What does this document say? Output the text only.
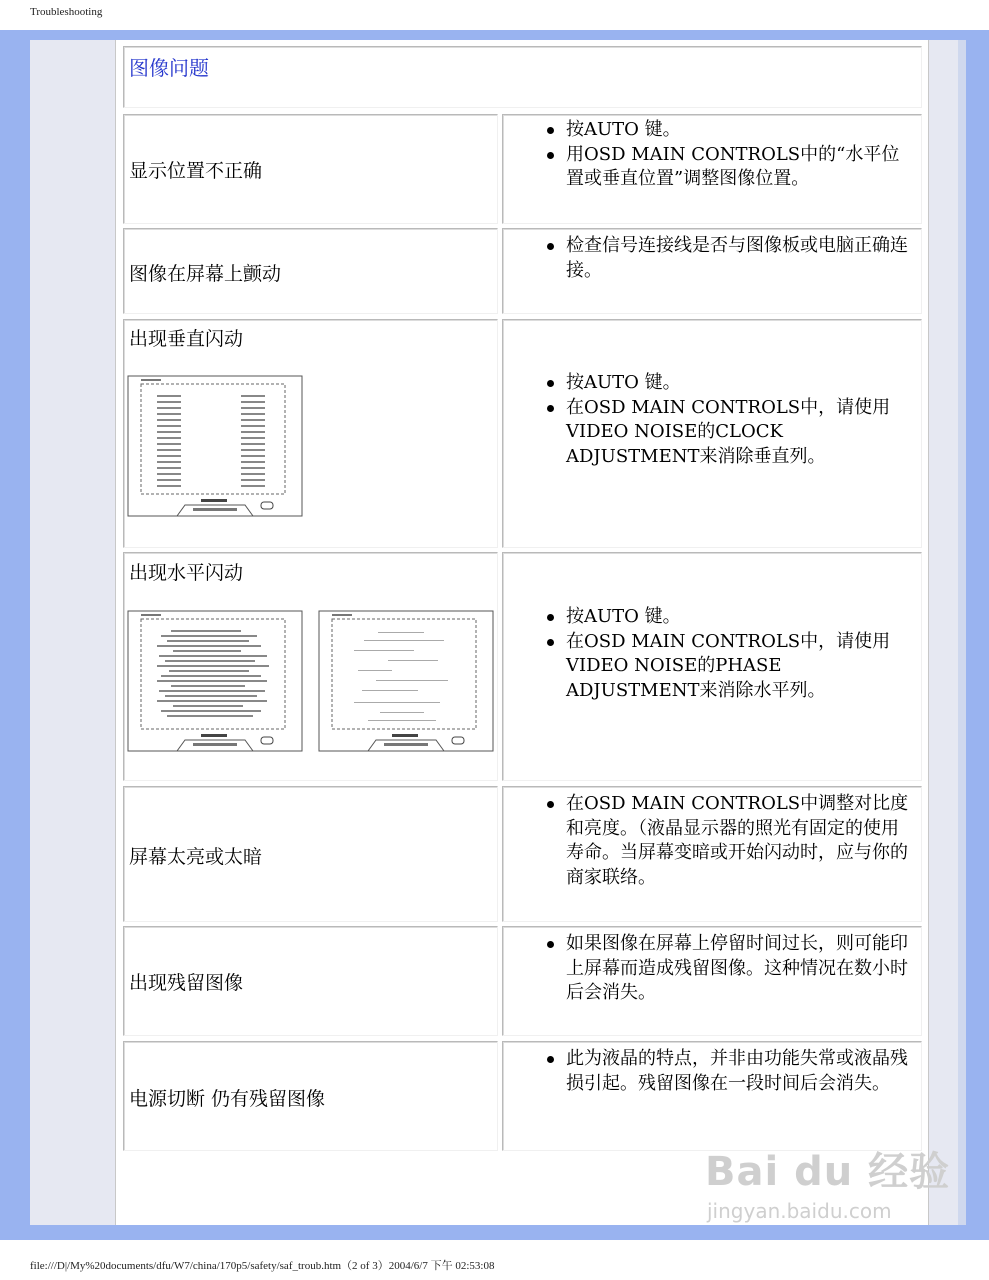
Troubleshooting
图像问题
显示位置不正确
按AUTO 键。
用OSD MAIN CONTROLS中的“水平位置或垂直位置”调整图像位置。
图像在屏幕上颤动
检查信号连接线是否与图像板或电脑正确连接。
出现垂直闪动
按AUTO 键。
在OSD MAIN CONTROLS中，请使用VIDEO NOISE的CLOCK ADJUSTMENT来消除垂直列。
出现水平闪动
按AUTO 键。
在OSD MAIN CONTROLS中，请使用VIDEO NOISE的PHASE ADJUSTMENT来消除水平列。
屏幕太亮或太暗
在OSD MAIN CONTROLS中调整对比度和亮度。（液晶显示器的照光有固定的使用寿命。当屏幕变暗或开始闪动时，应与你的商家联络。
出现残留图像
如果图像在屏幕上停留时间过长，则可能印上屏幕而造成残留图像。这种情况在数小时后会消失。
电源切断 仍有残留图像
此为液晶的特点，并非由功能失常或液晶残损引起。残留图像在一段时间后会消失。
Bai du 经验
jingyan.baidu.com
file:///D|/My%20documents/dfu/W7/china/170p5/safety/saf_troub.htm（2 of 3）2004/6/7 下午 02:53:08
